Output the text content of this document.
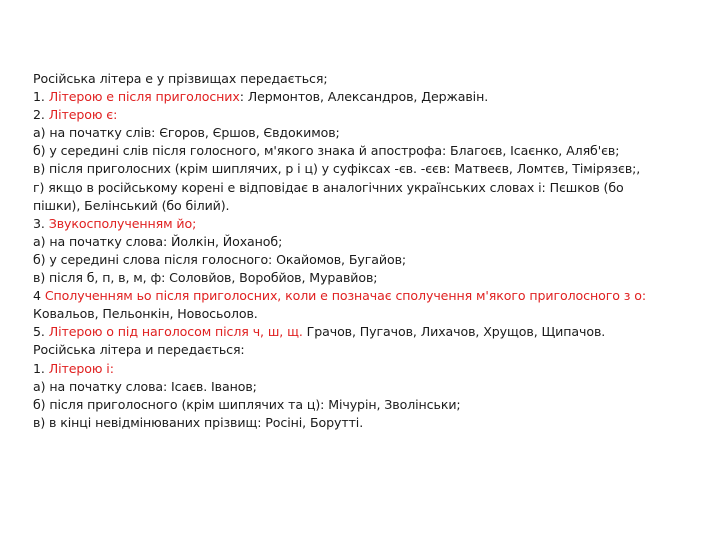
Російська літера е у прізвищах передається;
1. Літерою е після приголосних: Лермонтов, Александров, Державін.
2. Літерою є:
а) на початку слів: Єгоров, Єршов, Євдокимов;
б) у середині слів після голосного, м'якого знака й апострофа: Благоєв, Ісаєнко, Аляб'єв;
в) після приголосних (крім шиплячих, р і ц) у суфіксах -єв. -єєв: Матвеєв, Ломтєв, Тімірязєв;,
г) якщо в російському корені е відповідає в аналогічних українських словах і: Пєшков (бо
пішки), Белінський (бо білий).
3. Звукосполученням йо;
а) на початку слова: Йолкін, Йоханоб;
б) у середині слова після голосного: Окайомов, Бугайов;
в) після б, п, в, м, ф: Соловйов, Воробйов, Муравйов;
4 Сполученням ьо після приголосних, коли е позначає сполучення м'якого приголосного з о:
Ковальов, Пельонкін, Новосьолов.
5. Літерою о під наголосом після ч, ш, щ. Грачов, Пугачов, Лихачов, Хрущов, Щипачов.
Російська літера и передається:
1. Літерою і:
а) на початку слова: Ісаєв. Іванов;
б) після приголосного (крім шиплячих та ц): Мічурін, Зволінськи;
в) в кінці невідмінюваних прізвищ: Росіні, Борутті.
